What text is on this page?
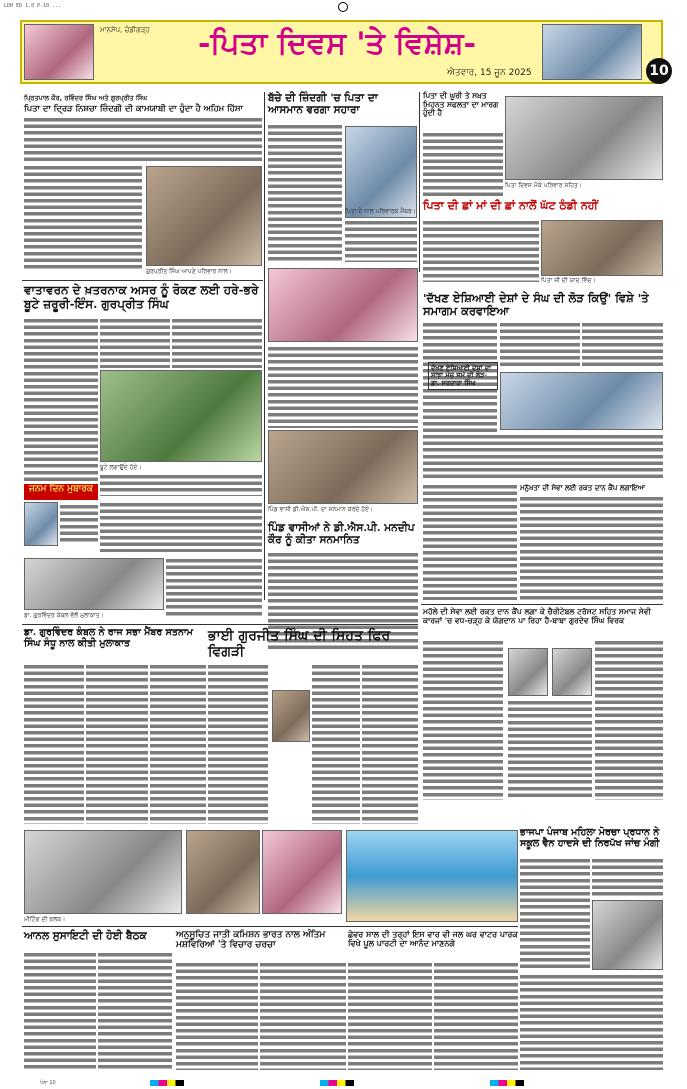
LDH ED 1.0 P-10 ...
ਮਾਨਸੇਪ, ਚੰਡੀਗੜ੍ਹ	-ਪਿਤਾ ਦਿਵਸ 'ਤੇ ਵਿਸ਼ੇਸ਼-
ਐਤਵਾਰ, 15 ਜੂਨ 2025	10
ਪ੍ਰਿਤਪਾਲ ਕੌਰ, ਰਵਿੰਦਰ ਸਿੰਘ ਅਤੇ ਗੁਰਪ੍ਰੀਤ ਸਿੰਘ
ਪਿਤਾ ਦਾ ਦ੍ਰਿੜ ਨਿਸ਼ਚਾ ਜ਼ਿੰਦਗੀ ਦੀ ਕਾਮਯਾਬੀ ਦਾ ਹੁੰਦਾ ਹੈ ਅਹਿਮ ਹਿੱਸਾ
ਗੁਰਪ੍ਰੀਤ ਸਿੰਘ ਆਪਣੇ ਪਰਿਵਾਰ ਨਾਲ।
ਬੱਚੇ ਦੀ ਜ਼ਿੰਦਗੀ 'ਚ ਪਿਤਾ ਦਾ ਆਸਮਾਨ ਵਰਗਾ ਸਹਾਰਾ
ਪਿਤਾ ਦੇ ਨਾਲ ਪਰਿਵਾਰਕ ਮੈਂਬਰ।
ਪਿਤਾ ਦੀ ਘੂਰੀ ਤੇ ਸਖ਼ਤ ਮਿਹਨਤ ਸਫਲਤਾ ਦਾ ਮਾਰਗ ਹੁੰਦੀ ਹੈ
ਪਿਤਾ ਦਿਵਸ ਮੌਕੇ ਪਰਿਵਾਰ ਸਹਿਤ।
ਪਿਤਾ ਦੀ ਛਾਂ ਮਾਂ ਦੀ ਛਾਂ ਨਾਲੋਂ ਘੱਟ ਠੰਡੀ ਨਹੀਂ
ਪਿਤਾ ਜੀ ਦੀ ਯਾਦ ਵਿੱਚ।
ਵਾਤਾਵਰਨ ਦੇ ਖ਼ਤਰਨਾਕ ਅਸਰ ਨੂੰ ਰੋਕਣ ਲਈ ਹਰੇ-ਭਰੇ ਬੂਟੇ ਜ਼ਰੂਰੀ-ਇੰਸ. ਗੁਰਪ੍ਰੀਤ ਸਿੰਘ
ਬੂਟੇ ਲਗਾਉਂਦੇ ਹੋਏ।
ਜਨਮ ਦਿਨ ਮੁਬਾਰਕ
ਡਾ. ਗੁਰਵਿੰਦਰ ਕੰਬਲ ਵੱਲੋਂ ਮੁਲਾਕਾਤ।
ਪਿੰਡ ਵਾਸੀ ਡੀ.ਐਸ.ਪੀ. ਦਾ ਸਨਮਾਨ ਕਰਦੇ ਹੋਏ।
ਪਿੰਡ ਵਾਸੀਆਂ ਨੇ ਡੀ.ਐਸ.ਪੀ. ਮਨਦੀਪ ਕੌਰ ਨੂੰ ਕੀਤਾ ਸਨਮਾਨਿਤ
'ਦੱਖਣ ਏਸ਼ਿਆਈ ਦੇਸ਼ਾਂ ਦੇ ਸੰਘ ਦੀ ਲੋੜ ਕਿਉਂ' ਵਿਸ਼ੇ 'ਤੇ ਸਮਾਗਮ ਕਰਵਾਇਆ
ਦੱਖਣ ਏਸ਼ਿਆਈ ਦੇਸ਼ਾਂ ਦਾ ਸਾਂਝਾ ਮੰਚ ਸਮੇਂ ਦੀ ਲੋੜ-ਡਾ. ਸਰਦਾਰਾ ਸਿੰਘ
ਮਨੁੱਖਤਾ ਦੀ ਸੇਵਾ ਲਈ ਰਕਤ ਦਾਨ ਕੈਂਪ ਲਗਾਇਆ
ਮਹੱਲੇ ਦੀ ਸੇਵਾ ਲਈ ਰਕਤ ਦਾਨ ਕੈਂਪ ਲਗਾ ਕੇ ਚੈਰੀਟੇਬਲ ਟਰੱਸਟ ਸਹਿਤ ਸਮਾਜ ਸੇਵੀ ਕਾਰਜਾਂ 'ਚ ਵਧ-ਚੜ੍ਹ ਕੇ ਯੋਗਦਾਨ ਪਾ ਰਿਹਾ ਹੈ-ਬਾਬਾ ਗੁਰਦੇਵ ਸਿੰਘ ਵਿਰਕ
ਡਾ. ਗੁਰਵਿੰਦਰ ਕੰਬਲ ਨੇ ਰਾਜ ਸਭਾ ਮੈਂਬਰ ਸਤਨਾਮ ਸਿੰਘ ਸੰਧੂ ਨਾਲ ਕੀਤੀ ਮੁਲਾਕਾਤ	ਭਾਈ ਗੁਰਜੀਤ ਸਿੰਘ ਦੀ ਸਿਹਤ ਫਿਰ ਵਿਗੜੀ
ਮੀਟਿੰਗ ਦੀ ਝਲਕ।
ਭਾਜਪਾ ਪੰਜਾਬ ਮਹਿਲਾ ਮੋਰਚਾ ਪ੍ਰਧਾਨ ਨੇ ਸਕੂਲ ਵੈਨ ਹਾਦਸੇ ਦੀ ਨਿਰਪੱਖ ਜਾਂਚ ਮੰਗੀ
ਆਨਲ ਸੁਸਾਇਟੀ ਦੀ ਹੋਈ ਬੈਠਕ	ਅਨੁਸੂਚਿਤ ਜਾਤੀ ਕਮਿਸ਼ਨ ਭਾਰਤ ਨਾਲ ਅੰਤਿਮ ਮਸ਼ਵਿਰਿਆਂ 'ਤੇ ਵਿਚਾਰ ਚਰਚਾ
ਛੇਵਰ ਸਾਲ ਦੀ ਤਰ੍ਹਾਂ ਇਸ ਵਾਰ ਵੀ ਜਲ ਘਰ ਵਾਟਰ ਪਾਰਕ ਵਿਖੇ ਪੂਲ ਪਾਰਟੀ ਦਾ ਆਨੰਦ ਮਾਣਨਗੇ
ਪੰਨਾ 10
